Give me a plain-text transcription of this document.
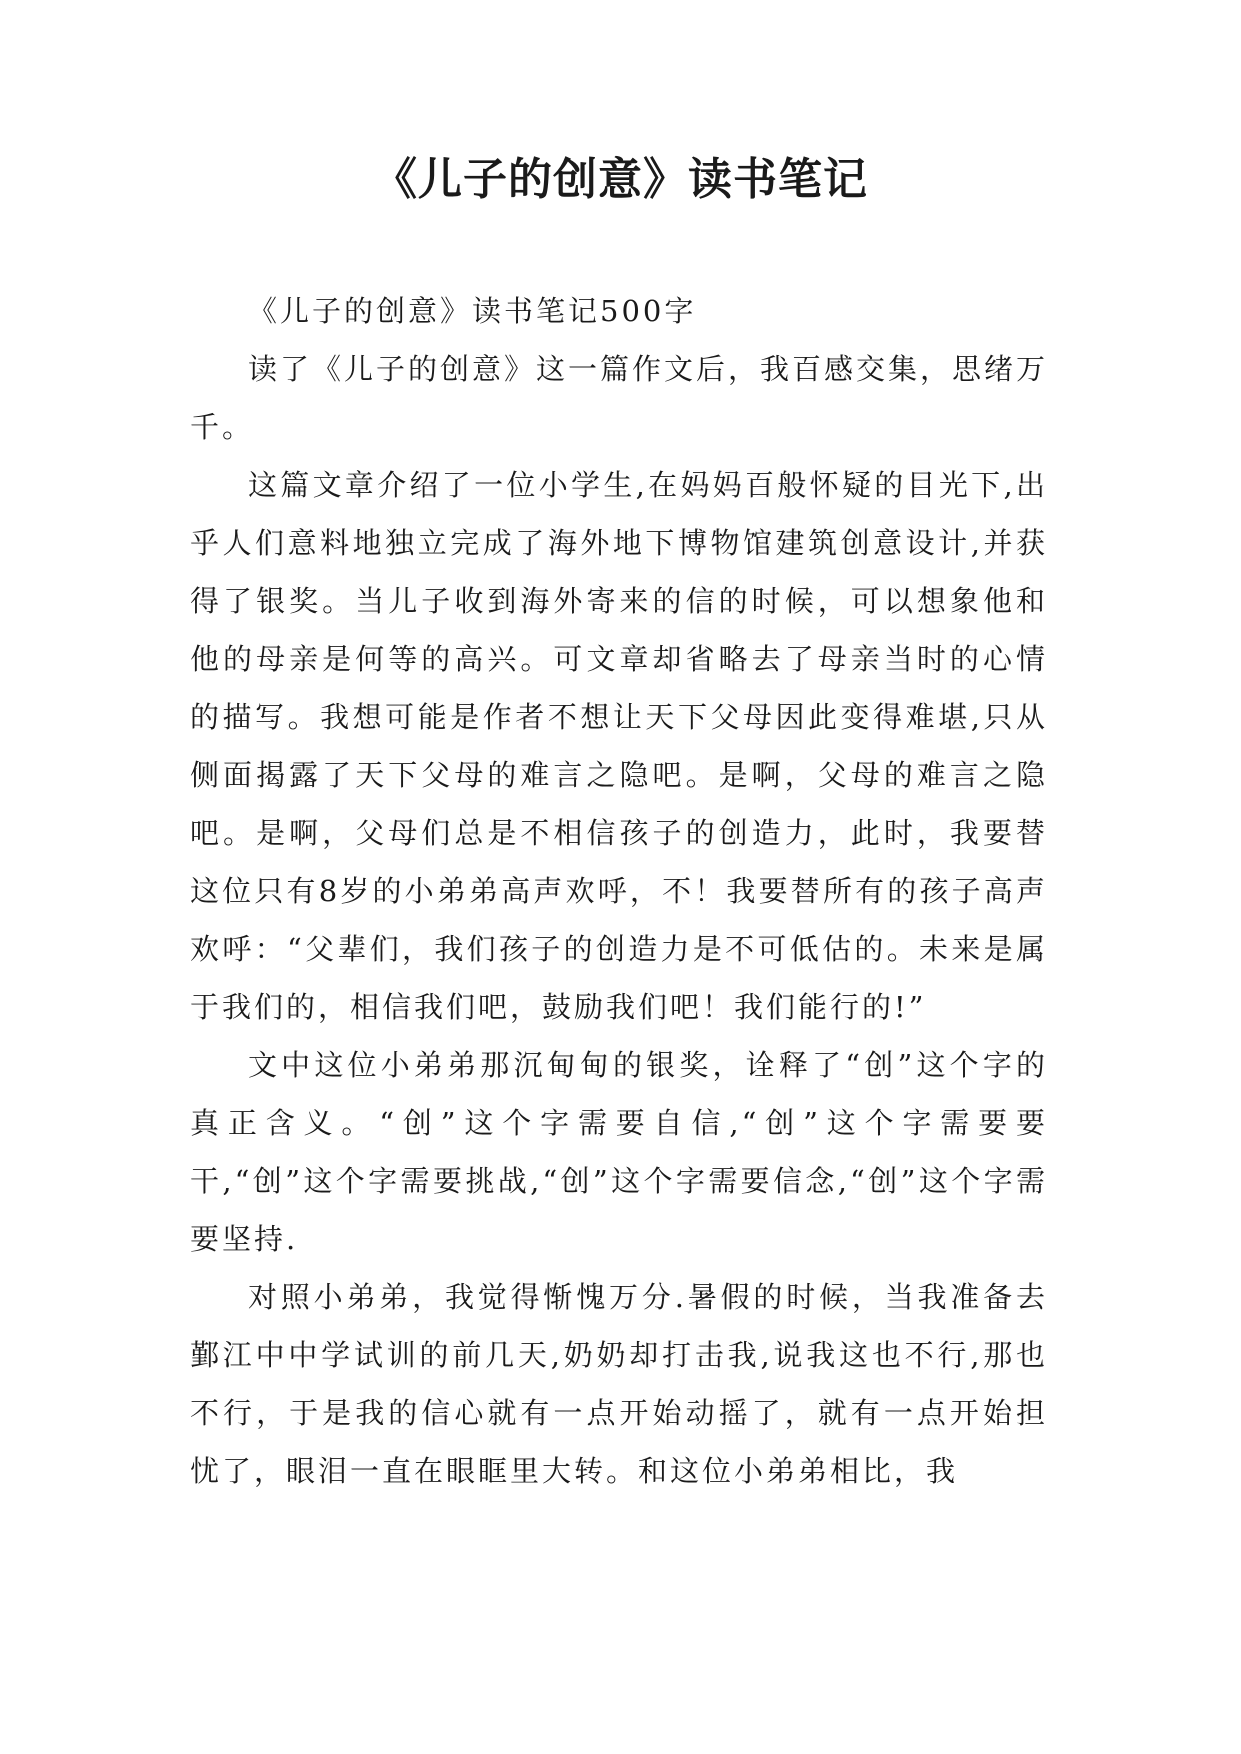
《儿子的创意》读书笔记

《儿子的创意》读书笔记500字

读了《儿子的创意》这一篇作文后，我百感交集，思绪万千。

这篇文章介绍了一位小学生,在妈妈百般怀疑的目光下,出乎人们意料地独立完成了海外地下博物馆建筑创意设计,并获得了银奖。当儿子收到海外寄来的信的时候，可以想象他和他的母亲是何等的高兴。可文章却省略去了母亲当时的心情的描写。我想可能是作者不想让天下父母因此变得难堪,只从侧面揭露了天下父母的难言之隐吧。是啊，父母的难言之隐吧。是啊，父母们总是不相信孩子的创造力，此时，我要替这位只有8岁的小弟弟高声欢呼，不！我要替所有的孩子高声欢呼：“父辈们，我们孩子的创造力是不可低估的。未来是属于我们的，相信我们吧，鼓励我们吧！我们能行的!”

文中这位小弟弟那沉甸甸的银奖，诠释了“创”这个字的真正含义。“创”这个字需要自信,“创”这个字需要要干,“创”这个字需要挑战,“创”这个字需要信念,“创”这个字需要坚持.

对照小弟弟，我觉得惭愧万分.暑假的时候，当我准备去鄞江中中学试训的前几天,奶奶却打击我,说我这也不行,那也不行，于是我的信心就有一点开始动摇了，就有一点开始担忧了，眼泪一直在眼眶里大转。和这位小弟弟相比，我
